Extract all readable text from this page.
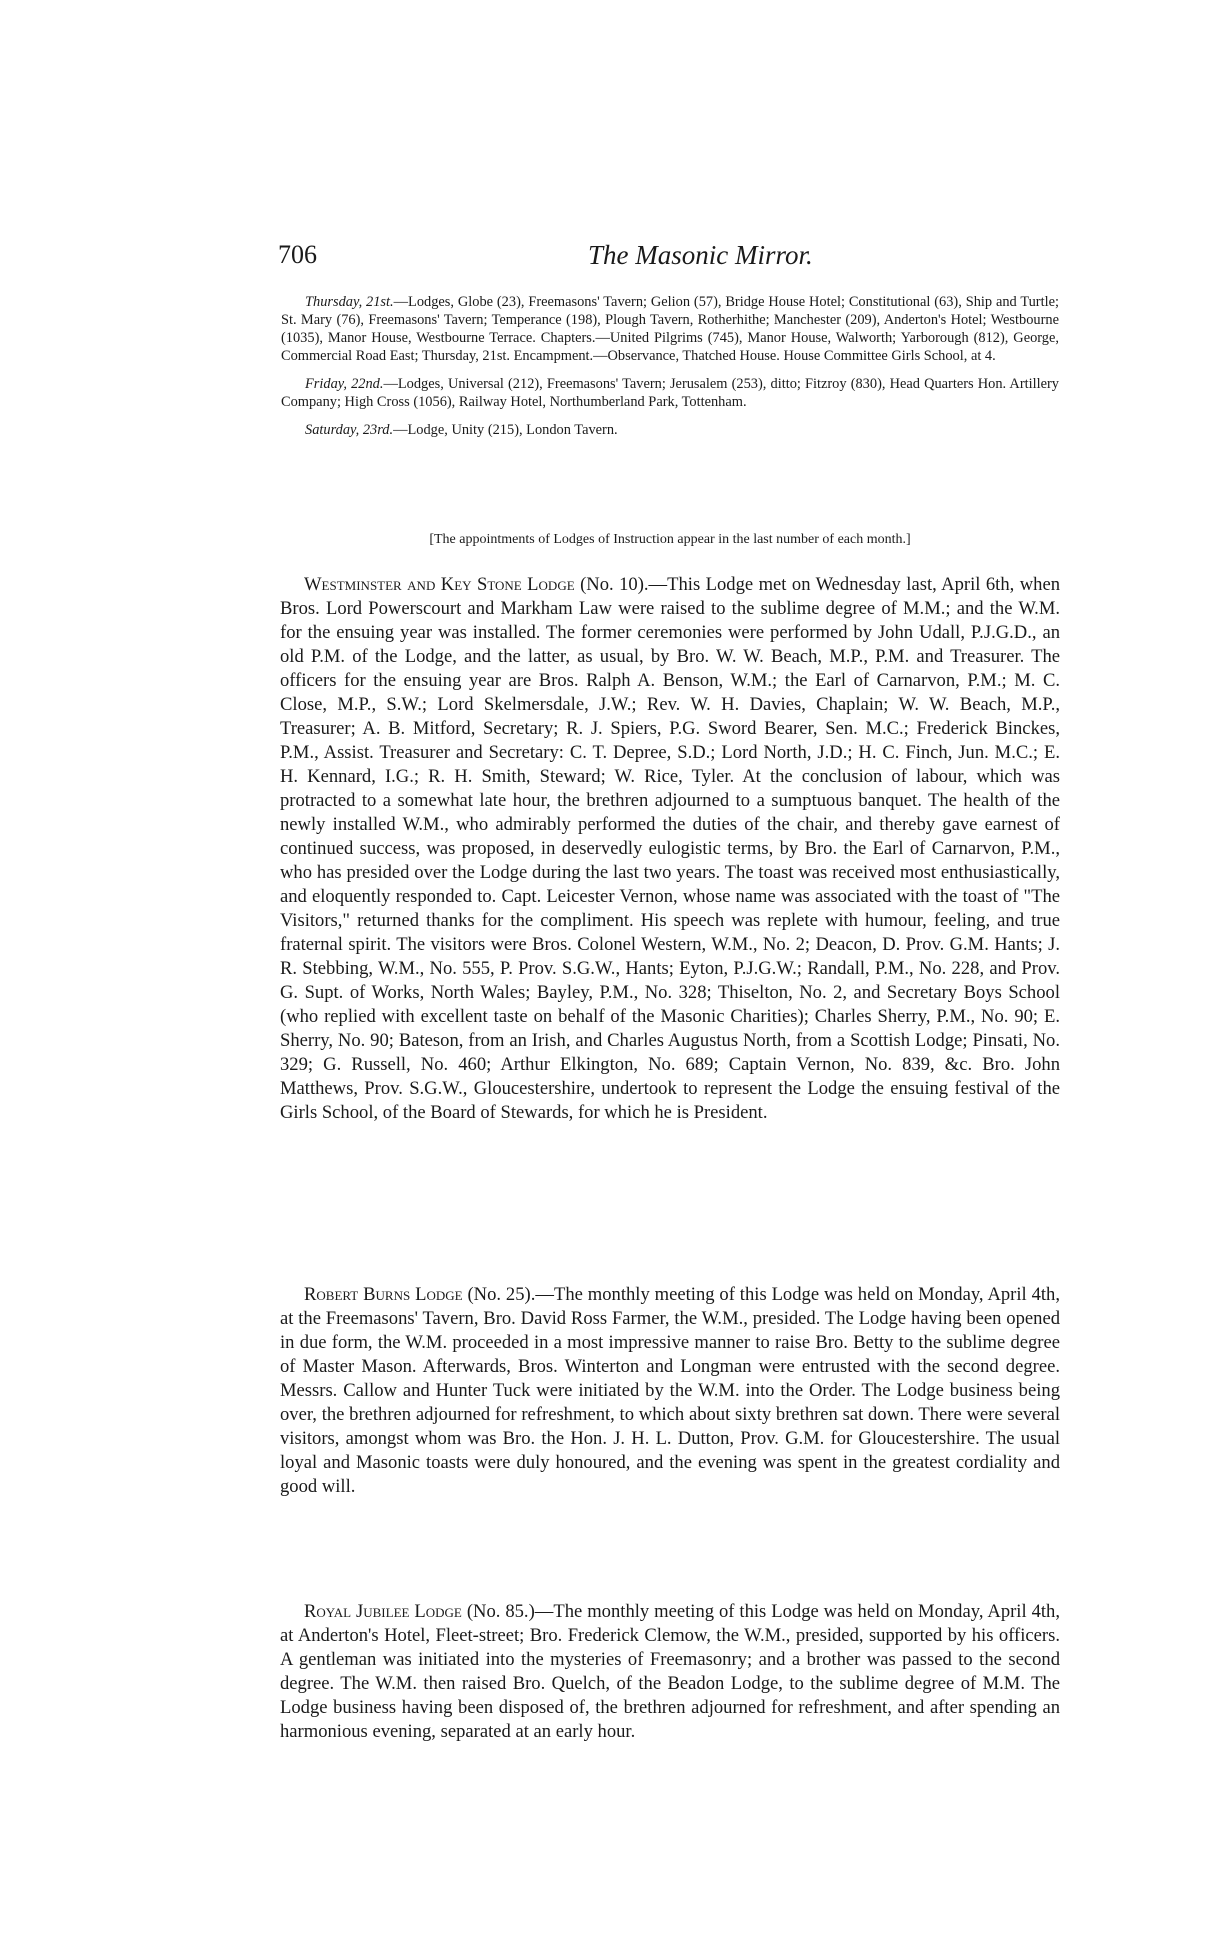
706	The Masonic Mirror.

Thursday, 21st.—Lodges, Globe (23), Freemasons' Tavern; Gelion (57), Bridge House Hotel; Constitutional (63), Ship and Turtle; St. Mary (76), Freemasons' Tavern; Temperance (198), Plough Tavern, Rotherhithe; Manchester (209), Anderton's Hotel; Westbourne (1035), Manor House, Westbourne Terrace. Chapters.—United Pilgrims (745), Manor House, Walworth; Yarborough (812), George, Commercial Road East; Thursday, 21st. Encampment.—Observance, Thatched House. House Committee Girls School, at 4.

Friday, 22nd.—Lodges, Universal (212), Freemasons' Tavern; Jerusalem (253), ditto; Fitzroy (830), Head Quarters Hon. Artillery Company; High Cross (1056), Railway Hotel, Northumberland Park, Tottenham.

Saturday, 23rd.—Lodge, Unity (215), London Tavern.

[The appointments of Lodges of Instruction appear in the last number of each month.]

Westminster and Key Stone Lodge (No. 10).—This Lodge met on Wednesday last, April 6th, when Bros. Lord Powerscourt and Markham Law were raised to the sublime degree of M.M.; and the W.M. for the ensuing year was installed. The former ceremonies were performed by John Udall, P.J.G.D., an old P.M. of the Lodge, and the latter, as usual, by Bro. W. W. Beach, M.P., P.M. and Treasurer. The officers for the ensuing year are Bros. Ralph A. Benson, W.M.; the Earl of Carnarvon, P.M.; M. C. Close, M.P., S.W.; Lord Skelmersdale, J.W.; Rev. W. H. Davies, Chaplain; W. W. Beach, M.P., Treasurer; A. B. Mitford, Secretary; R. J. Spiers, P.G. Sword Bearer, Sen. M.C.; Frederick Binckes, P.M., Assist. Treasurer and Secretary: C. T. Depree, S.D.; Lord North, J.D.; H. C. Finch, Jun. M.C.; E. H. Kennard, I.G.; R. H. Smith, Steward; W. Rice, Tyler. At the conclusion of labour, which was protracted to a somewhat late hour, the brethren adjourned to a sumptuous banquet. The health of the newly installed W.M., who admirably performed the duties of the chair, and thereby gave earnest of continued success, was proposed, in deservedly eulogistic terms, by Bro. the Earl of Carnarvon, P.M., who has presided over the Lodge during the last two years. The toast was received most enthusiastically, and eloquently responded to. Capt. Leicester Vernon, whose name was associated with the toast of "The Visitors," returned thanks for the compliment. His speech was replete with humour, feeling, and true fraternal spirit. The visitors were Bros. Colonel Western, W.M., No. 2; Deacon, D. Prov. G.M. Hants; J. R. Stebbing, W.M., No. 555, P. Prov. S.G.W., Hants; Eyton, P.J.G.W.; Randall, P.M., No. 228, and Prov. G. Supt. of Works, North Wales; Bayley, P.M., No. 328; Thiselton, No. 2, and Secretary Boys School (who replied with excellent taste on behalf of the Masonic Charities); Charles Sherry, P.M., No. 90; E. Sherry, No. 90; Bateson, from an Irish, and Charles Augustus North, from a Scottish Lodge; Pinsati, No. 329; G. Russell, No. 460; Arthur Elkington, No. 689; Captain Vernon, No. 839, &c. Bro. John Matthews, Prov. S.G.W., Gloucestershire, undertook to represent the Lodge the ensuing festival of the Girls School, of the Board of Stewards, for which he is President.

Robert Burns Lodge (No. 25).—The monthly meeting of this Lodge was held on Monday, April 4th, at the Freemasons' Tavern, Bro. David Ross Farmer, the W.M., presided. The Lodge having been opened in due form, the W.M. proceeded in a most impressive manner to raise Bro. Betty to the sublime degree of Master Mason. Afterwards, Bros. Winterton and Longman were entrusted with the second degree. Messrs. Callow and Hunter Tuck were initiated by the W.M. into the Order. The Lodge business being over, the brethren adjourned for refreshment, to which about sixty brethren sat down. There were several visitors, amongst whom was Bro. the Hon. J. H. L. Dutton, Prov. G.M. for Gloucestershire. The usual loyal and Masonic toasts were duly honoured, and the evening was spent in the greatest cordiality and good will.

Royal Jubilee Lodge (No. 85.)—The monthly meeting of this Lodge was held on Monday, April 4th, at Anderton's Hotel, Fleet-street; Bro. Frederick Clemow, the W.M., presided, supported by his officers. A gentleman was initiated into the mysteries of Freemasonry; and a brother was passed to the second degree. The W.M. then raised Bro. Quelch, of the Beadon Lodge, to the sublime degree of M.M. The Lodge business having been disposed of, the brethren adjourned for refreshment, and after spending an harmonious evening, separated at an early hour.
